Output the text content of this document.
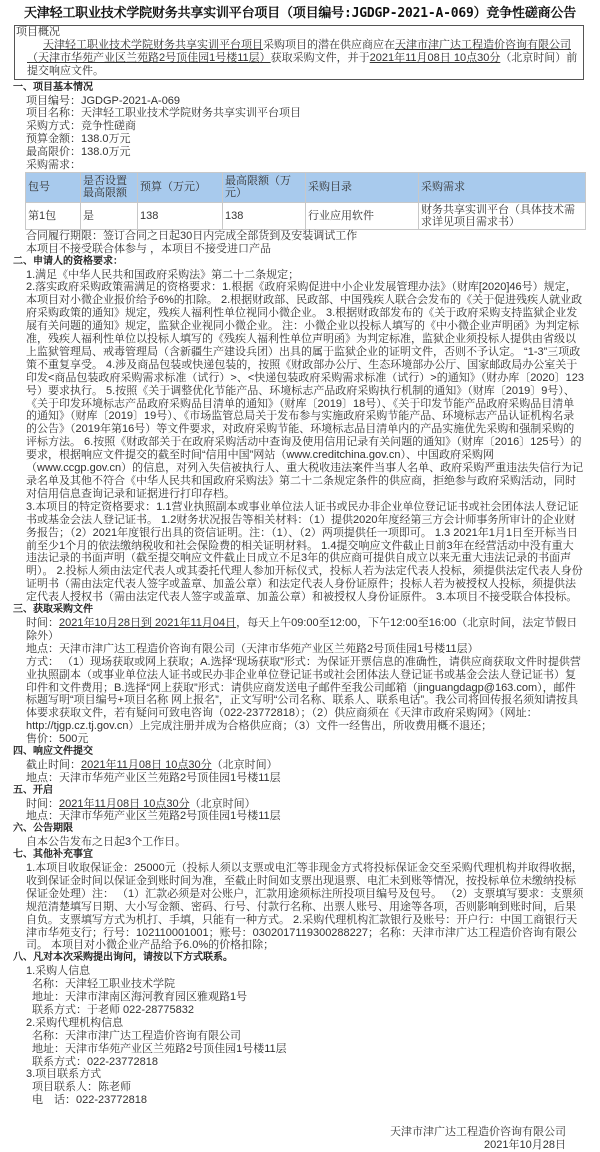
天津轻工职业技术学院财务共享实训平台项目（项目编号:JGDGP-2021-A-069）竞争性磋商公告
项目概况

天津轻工职业技术学院财务共享实训平台项目采购项目的潜在供应商应在天津市津广达工程造价咨询有限公司（天津市华苑产业区兰苑路2号顶佳园1号楼11层）获取采购文件，并于2021年11月08日 10点30分（北京时间）前提交响应文件。

一、项目基本情况
项目编号：JGDGP-2021-A-069
项目名称：天津轻工职业技术学院财务共享实训平台项目
采购方式：竞争性磋商
预算金额：138.0万元
最高限价：138.0万元
采购需求：
包号	是否设置最高限额	预算（万元）	最高限额（万元）	采购目录	采购需求
第1包	是	138	138	行业应用软件	财务共享实训平台（具体技术需求详见项目需求书）
合同履行期限：签订合同之日起30日内完成全部货到及安装调试工作
本项目不接受联合体参与 ，本项目不接受进口产品
二、申请人的资格要求：

1.满足《中华人民共和国政府采购法》第二十二条规定；

2.落实政府采购政策需满足的资格要求：1.根据《政府采购促进中小企业发展管理办法》（财库[2020]46号）规定，本项目对小微企业报价给予6%的扣除。 2.根据财政部、民政部、中国残疾人联合会发布的《关于促进残疾人就业政府采购政策的通知》规定，残疾人福利性单位视同小微企业。 3.根据财政部发布的《关于政府采购支持监狱企业发展有关问题的通知》规定，监狱企业视同小微企业。 注：小微企业以投标人填写的《中小微企业声明函》为判定标准，残疾人福利性单位以投标人填写的《残疾人福利性单位声明函》为判定标准，监狱企业须投标人提供由省级以上监狱管理局、戒毒管理局（含新疆生产建设兵团）出具的属于监狱企业的证明文件，否则不予认定。 “1-3”三项政策不重复享受。 4.涉及商品包装或快递包装的，按照《财政部办公厅、生态环境部办公厅、国家邮政局办公室关于印发<商品包装政府采购需求标准（试行）>、<快递包装政府采购需求标准（试行）>的通知》（财办库〔2020〕123号）要求执行。 5.按照《关于调整优化节能产品、环境标志产品政府采购执行机制的通知》（财库〔2019〕9号）、《关于印发环境标志产品政府采购品目清单的通知》（财库〔2019〕18号）、《关于印发节能产品政府采购品目清单的通知》（财库〔2019〕19号）、《市场监管总局关于发布参与实施政府采购节能产品、环境标志产品认证机构名录的公告》（2019年第16号）等文件要求，对政府采购节能、环境标志品目清单内的产品实施优先采购和强制采购的评标方法。 6.按照《财政部关于在政府采购活动中查询及使用信用记录有关问题的通知》（财库〔2016〕125号）的要求，根据响应文件提交的截至时间“信用中国”网站（www.creditchina.gov.cn）、中国政府采购网（www.ccgp.gov.cn）的信息，对列入失信被执行人、重大税收违法案件当事人名单、政府采购严重违法失信行为记录名单及其他不符合《中华人民共和国政府采购法》第二十二条规定条件的供应商，拒绝参与政府采购活动，同时对信用信息查询记录和证据进行打印存档。

3.本项目的特定资格要求：1.1营业执照副本或事业单位法人证书或民办非企业单位登记证书或社会团体法人登记证书或基金会法人登记证书。 1.2财务状况报告等相关材料：（1）提供2020年度经第三方会计师事务所审计的企业财务报告；（2）2021年度银行出具的资信证明。注：（1）、（2）两项提供任一项即可。 1.3 2021年1月1日至开标当日前至少1个月的依法缴纳税收和社会保险费的相关证明材料。 1.4提交响应文件截止日前3年在经营活动中没有重大违法记录的书面声明（截至提交响应文件截止日成立不足3年的供应商可提供自成立以来无重大违法记录的书面声明）。 2.投标人须由法定代表人或其委托代理人参加开标仪式，投标人若为法定代表人投标，须提供法定代表人身份证明书（需由法定代表人签字或盖章、加盖公章）和法定代表人身份证原件；投标人若为被授权人投标，须提供法定代表人授权书（需由法定代表人签字或盖章、加盖公章）和被授权人身份证原件。 3.本项目不接受联合体投标。

三、获取采购文件

时间：2021年10月28日到 2021年11月04日，每天上午09:00至12:00，下午12:00至16:00（北京时间，法定节假日除外）

地点：天津市津广达工程造价咨询有限公司（天津市华苑产业区兰苑路2号顶佳园1号楼11层）

方式： （1）现场获取或网上获取；A.选择“现场获取”形式：为保证开票信息的准确性，请供应商获取文件时提供营业执照副本（或事业单位法人证书或民办非企业单位登记证书或社会团体法人登记证书或基金会法人登记证书）复印件和文件费用；B.选择“网上获取”形式：请供应商发送电子邮件至我公司邮箱（jinguangdagp@163.com），邮件标题写明“项目编号+项目名称 网上报名”，正文写明“公司名称、联系人、联系电话”。我公司将回传报名须知请按具体要求获取文件，若有疑问可致电咨询（022-23772818）；（2）供应商须在《天津市政府采购网》（网址：http://tjgp.cz.tj.gov.cn）上完成注册并成为合格供应商；（3）文件一经售出，所收费用概不退还；

售价：500元

四、响应文件提交
截止时间：2021年11月08日 10点30分（北京时间）
地点：天津市华苑产业区兰苑路2号顶佳园1号楼11层
五、开启
时间：2021年11月08日 10点30分（北京时间）
地点：天津市华苑产业区兰苑路2号顶佳园1号楼11层
六、公告期限
自本公告发布之日起3个工作日。
七、其他补充事宜

1.本项目收取保证金：25000元（投标人须以支票或电汇等非现金方式将投标保证金交至采购代理机构并取得收据，收到保证金时间以保证金到账时间为准，至截止时间如支票出现退票、电汇未到账等情况，按投标单位未缴纳投标保证金处理）注： （1）汇款必须是对公账户，汇款用途须标注所投项目编号及包号。 （2）支票填写要求：支票须规范清楚填写日期、大小写金额、密码、行号、付款行名称、出票人账号、用途等各项，否则影响到账时间，后果自负。支票填写方式为机打、手填，只能有一种方式。 2.采购代理机构汇款银行及账号：开户行：中国工商银行天津市华苑支行；行号：102110001001；账号：0302017119300288227；名称：天津市津广达工程造价咨询有限公司。 本项目对小微企业产品给予6.0%的价格扣除；

八、凡对本次采购提出询问，请按以下方式联系。
1.采购人信息
名称：天津轻工职业技术学院
地址：天津市津南区海河教育园区雅观路1号
联系方式：于老师 022-28775832
2.采购代理机构信息
名称：天津市津广达工程造价咨询有限公司
地址：天津市华苑产业区兰苑路2号顶佳园1号楼11层
联系方式：022-23772818
3.项目联系方式
项目联系人：陈老师
电　话：022-23772818
天津市津广达工程造价咨询有限公司
2021年10月28日
